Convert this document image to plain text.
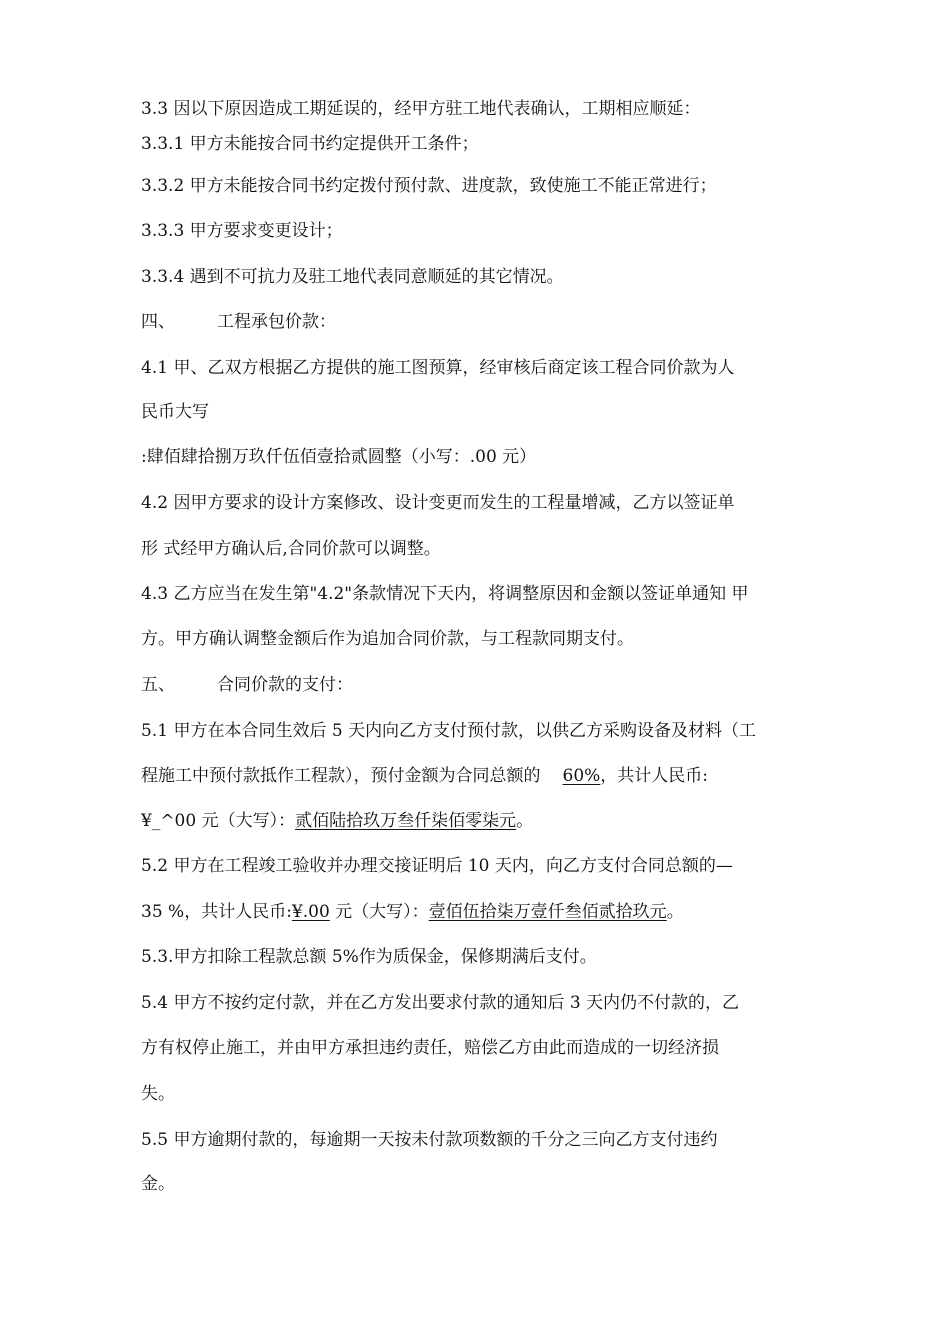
3.3 因以下原因造成工期延误的，经甲方驻工地代表确认，工期相应顺延：
3.3.1 甲方未能按合同书约定提供开工条件；
3.3.2 甲方未能按合同书约定拨付预付款、进度款，致使施工不能正常进行；
3.3.3 甲方要求变更设计；
3.3.4 遇到不可抗力及驻工地代表同意顺延的其它情况。
四、 工程承包价款：
4.1 甲、乙双方根据乙方提供的施工图预算，经审核后商定该工程合同价款为人
民币大写
:肆佰肆拾捌万玖仟伍佰壹拾贰圆整（小写：.00 元）
4.2 因甲方要求的设计方案修改、设计变更而发生的工程量增减，乙方以签证单
形 式经甲方确认后,合同价款可以调整。
4.3 乙方应当在发生第"4.2"条款情况下天内，将调整原因和金额以签证单通知 甲
方。甲方确认调整金额后作为追加合同价款，与工程款同期支付。
五、 合同价款的支付：
5.1 甲方在本合同生效后 5 天内向乙方支付预付款，以供乙方采购设备及材料（工
程施工中预付款抵作工程款），预付金额为合同总额的 60%，共计人民币:
¥_^00 元（大写）：贰佰陆拾玖万叁仟柒佰零柒元。
5.2 甲方在工程竣工验收并办理交接证明后 10 天内，向乙方支付合同总额的—
35 %，共计人民币:¥.00 元（大写）：壹佰伍拾柒万壹仟叁佰贰拾玖元。
5.3.甲方扣除工程款总额 5%作为质保金，保修期满后支付。
5.4 甲方不按约定付款，并在乙方发出要求付款的通知后 3 天内仍不付款的，乙
方有权停止施工，并由甲方承担违约责任，赔偿乙方由此而造成的一切经济损
失。
5.5 甲方逾期付款的，每逾期一天按未付款项数额的千分之三向乙方支付违约
金。
